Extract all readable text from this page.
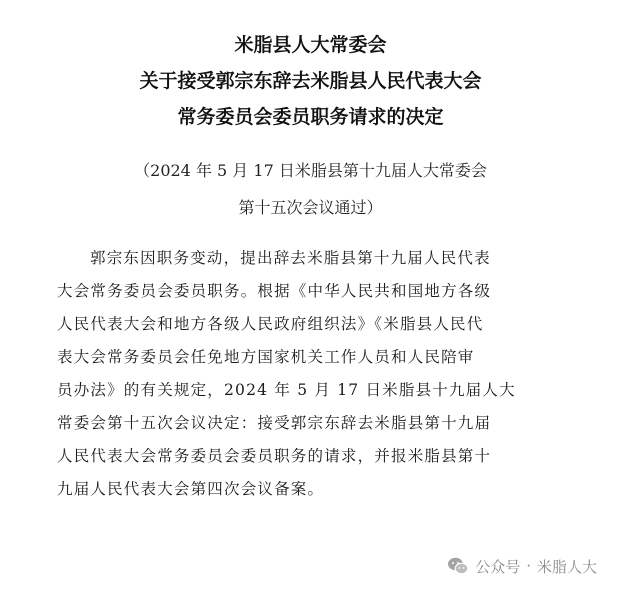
米脂县人大常委会
关于接受郭宗东辞去米脂县人民代表大会
常务委员会委员职务请求的决定
（2024 年 5 月 17 日米脂县第十九届人大常委会
第十五次会议通过）
郭宗东因职务变动，提出辞去米脂县第十九届人民代表
大会常务委员会委员职务。根据《中华人民共和国地方各级
人民代表大会和地方各级人民政府组织法》《米脂县人民代
表大会常务委员会任免地方国家机关工作人员和人民陪审
员办法》的有关规定，2024 年 5 月 17 日米脂县十九届人大
常委会第十五次会议决定：接受郭宗东辞去米脂县第十九届
人民代表大会常务委员会委员职务的请求，并报米脂县第十
九届人民代表大会第四次会议备案。
公众号 · 米脂人大
